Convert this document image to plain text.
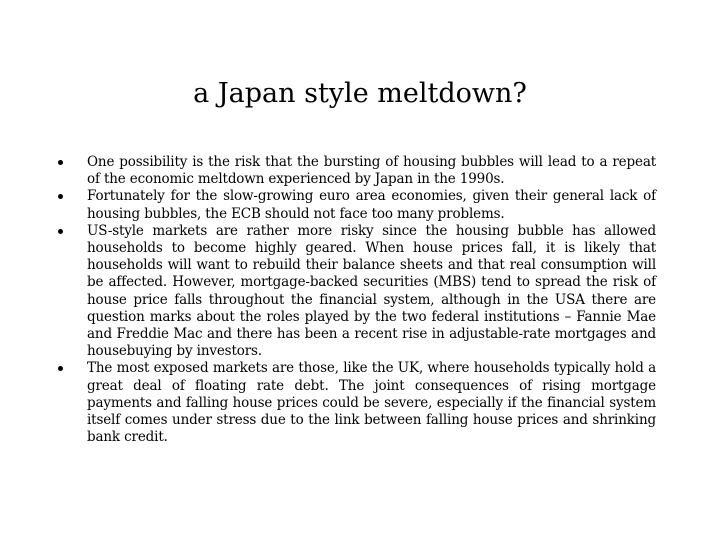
a Japan style meltdown?
One possibility is the risk that the bursting of housing bubbles will lead to a repeat of the economic meltdown experienced by Japan in the 1990s.
Fortunately for the slow-growing euro area economies, given their general lack of housing bubbles, the ECB should not face too many problems.
US-style markets are rather more risky since the housing bubble has allowed households to become highly geared. When house prices fall, it is likely that households will want to rebuild their balance sheets and that real consumption will be affected. However, mortgage-backed securities (MBS) tend to spread the risk of house price falls throughout the financial system, although in the USA there are question marks about the roles played by the two federal institutions – Fannie Mae and Freddie Mac and there has been a recent rise in adjustable-rate mortgages and housebuying by investors.
The most exposed markets are those, like the UK, where households typically hold a great deal of floating rate debt. The joint consequences of rising mortgage payments and falling house prices could be severe, especially if the financial system itself comes under stress due to the link between falling house prices and shrinking bank credit.
